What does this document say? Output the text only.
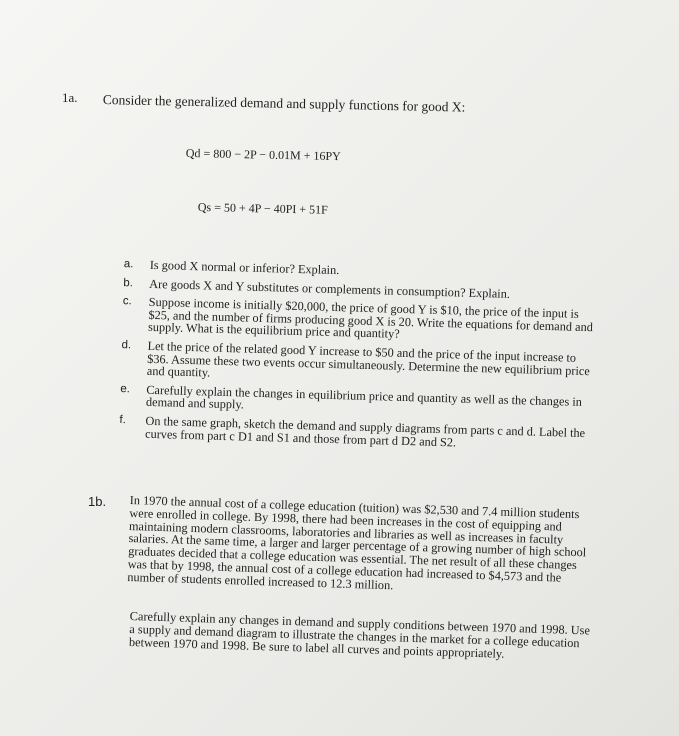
1a. Consider the generalized demand and supply functions for good X:
Qd = 800 − 2P − 0.01M + 16PY
Qs = 50 + 4P − 40PI + 51F
a.	Is good X normal or inferior? Explain.
b.	Are goods X and Y substitutes or complements in consumption? Explain.
c.	Suppose income is initially $20,000, the price of good Y is $10, the price of the input is $25, and the number of firms producing good X is 20. Write the equations for demand and supply. What is the equilibrium price and quantity?
d.	Let the price of the related good Y increase to $50 and the price of the input increase to $36. Assume these two events occur simultaneously. Determine the new equilibrium price and quantity.
e.	Carefully explain the changes in equilibrium price and quantity as well as the changes in demand and supply.
f.	On the same graph, sketch the demand and supply diagrams from parts c and d. Label the curves from part c D1 and S1 and those from part d D2 and S2.
1b. In 1970 the annual cost of a college education (tuition) was $2,530 and 7.4 million students were enrolled in college. By 1998, there had been increases in the cost of equipping and maintaining modern classrooms, laboratories and libraries as well as increases in faculty salaries. At the same time, a larger and larger percentage of a growing number of high school graduates decided that a college education was essential. The net result of all these changes was that by 1998, the annual cost of a college education had increased to $4,573 and the number of students enrolled increased to 12.3 million.
Carefully explain any changes in demand and supply conditions between 1970 and 1998. Use a supply and demand diagram to illustrate the changes in the market for a college education between 1970 and 1998. Be sure to label all curves and points appropriately.
